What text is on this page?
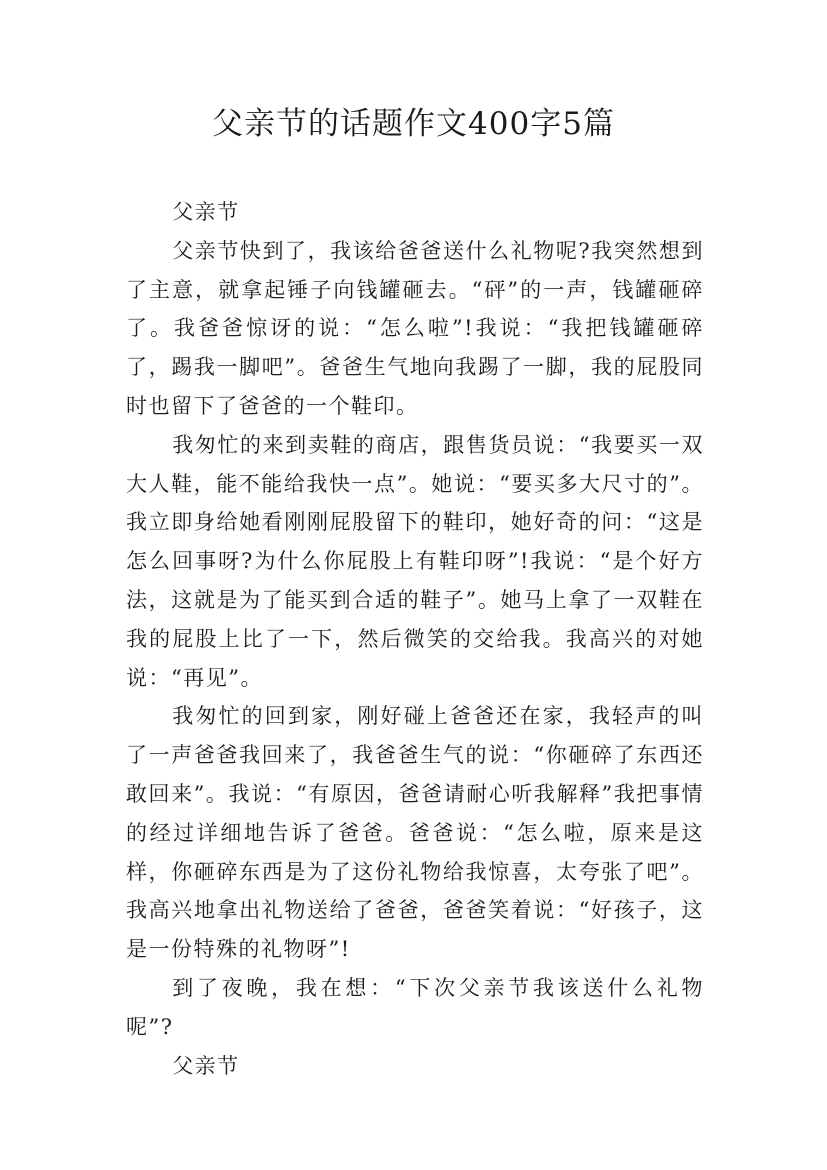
父亲节的话题作文400字5篇

父亲节

父亲节快到了，我该给爸爸送什么礼物呢?我突然想到了主意，就拿起锤子向钱罐砸去。“砰”的一声，钱罐砸碎了。我爸爸惊讶的说：“怎么啦”!我说：“我把钱罐砸碎了，踢我一脚吧”。爸爸生气地向我踢了一脚，我的屁股同时也留下了爸爸的一个鞋印。

我匆忙的来到卖鞋的商店，跟售货员说：“我要买一双大人鞋，能不能给我快一点”。她说：“要买多大尺寸的”。我立即身给她看刚刚屁股留下的鞋印，她好奇的问：“这是怎么回事呀?为什么你屁股上有鞋印呀”!我说：“是个好方法，这就是为了能买到合适的鞋子”。她马上拿了一双鞋在我的屁股上比了一下，然后微笑的交给我。我高兴的对她说：“再见”。

我匆忙的回到家，刚好碰上爸爸还在家，我轻声的叫了一声爸爸我回来了，我爸爸生气的说：“你砸碎了东西还敢回来”。我说：“有原因，爸爸请耐心听我解释”我把事情的经过详细地告诉了爸爸。爸爸说：“怎么啦，原来是这样，你砸碎东西是为了这份礼物给我惊喜，太夸张了吧”。我高兴地拿出礼物送给了爸爸，爸爸笑着说：“好孩子，这是一份特殊的礼物呀”!

到了夜晚，我在想：“下次父亲节我该送什么礼物呢”?

父亲节
